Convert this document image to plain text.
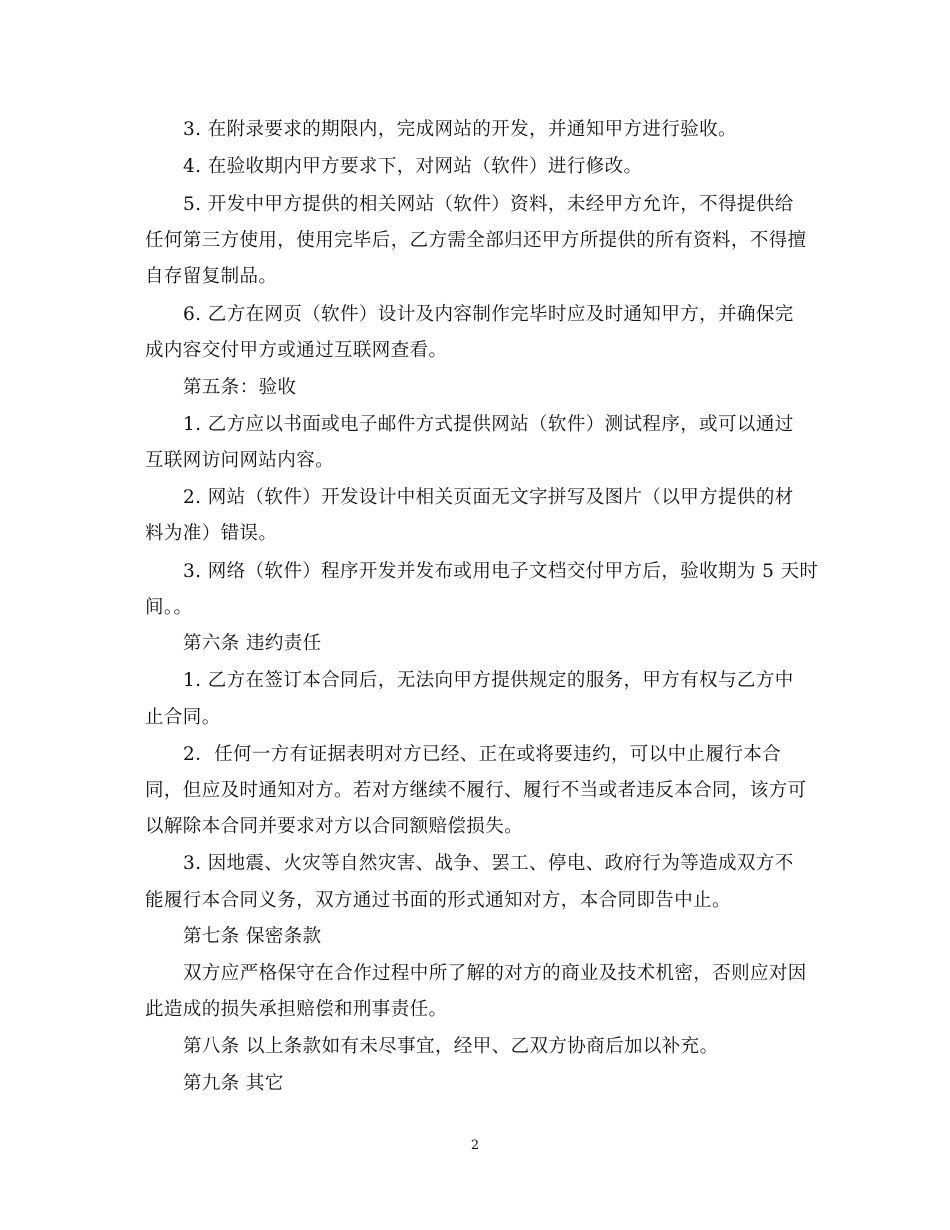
3. 在附录要求的期限内，完成网站的开发，并通知甲方进行验收。
4. 在验收期内甲方要求下，对网站（软件）进行修改。
5. 开发中甲方提供的相关网站（软件）资料，未经甲方允许，不得提供给
任何第三方使用，使用完毕后，乙方需全部归还甲方所提供的所有资料，不得擅
自存留复制品。
6. 乙方在网页（软件）设计及内容制作完毕时应及时通知甲方，并确保完
成内容交付甲方或通过互联网查看。
第五条：验收
1. 乙方应以书面或电子邮件方式提供网站（软件）测试程序，或可以通过
互联网访问网站内容。
2. 网站（软件）开发设计中相关页面无文字拼写及图片（以甲方提供的材
料为准）错误。
3. 网络（软件）程序开发并发布或用电子文档交付甲方后，验收期为 5 天时
间。。
第六条 违约责任
1. 乙方在签订本合同后，无法向甲方提供规定的服务，甲方有权与乙方中
止合同。
2．任何一方有证据表明对方已经、正在或将要违约，可以中止履行本合
同，但应及时通知对方。若对方继续不履行、履行不当或者违反本合同，该方可
以解除本合同并要求对方以合同额赔偿损失。
3. 因地震、火灾等自然灾害、战争、罢工、停电、政府行为等造成双方不
能履行本合同义务，双方通过书面的形式通知对方，本合同即告中止。
第七条 保密条款
双方应严格保守在合作过程中所了解的对方的商业及技术机密，否则应对因
此造成的损失承担赔偿和刑事责任。
第八条 以上条款如有未尽事宜，经甲、乙双方协商后加以补充。
第九条 其它
2
